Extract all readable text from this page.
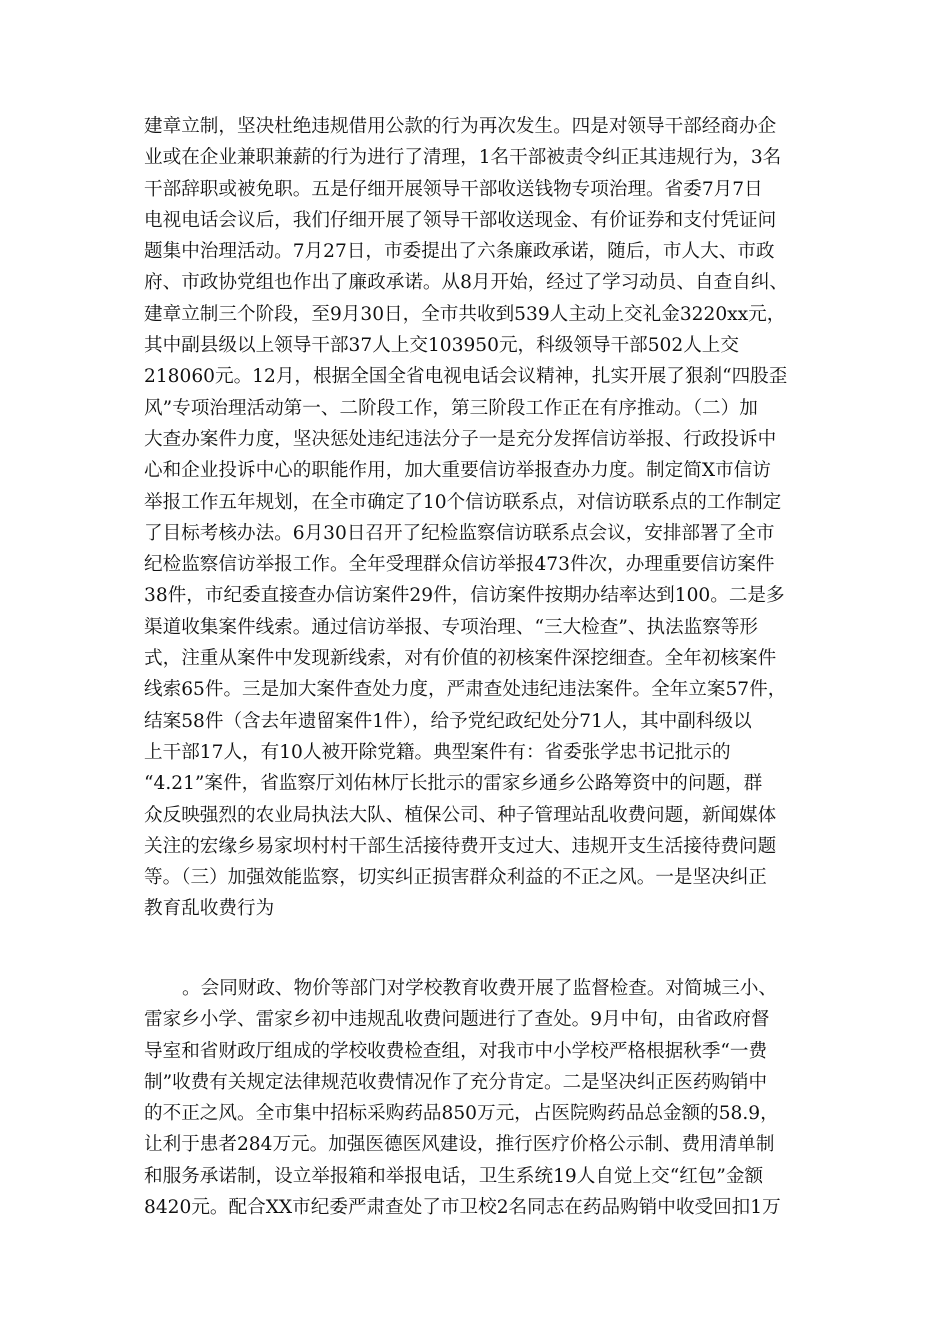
建章立制，坚决杜绝违规借用公款的行为再次发生。四是对领导干部经商办企
业或在企业兼职兼薪的行为进行了清理，1名干部被责令纠正其违规行为，3名
干部辞职或被免职。五是仔细开展领导干部收送钱物专项治理。省委7月7日
电视电话会议后，我们仔细开展了领导干部收送现金、有价证券和支付凭证问
题集中治理活动。7月27日，市委提出了六条廉政承诺，随后，市人大、市政
府、市政协党组也作出了廉政承诺。从8月开始，经过了学习动员、自查自纠、
建章立制三个阶段，至9月30日，全市共收到539人主动上交礼金3220xx元，
其中副县级以上领导干部37人上交103950元，科级领导干部502人上交
218060元。12月，根据全国全省电视电话会议精神，扎实开展了狠刹“四股歪
风”专项治理活动第一、二阶段工作，第三阶段工作正在有序推动。（二）加
大查办案件力度，坚决惩处违纪违法分子一是充分发挥信访举报、行政投诉中
心和企业投诉中心的职能作用，加大重要信访举报查办力度。制定简X市信访
举报工作五年规划，在全市确定了10个信访联系点，对信访联系点的工作制定
了目标考核办法。6月30日召开了纪检监察信访联系点会议，安排部署了全市
纪检监察信访举报工作。全年受理群众信访举报473件次，办理重要信访案件
38件，市纪委直接查办信访案件29件，信访案件按期办结率达到100。二是多
渠道收集案件线索。通过信访举报、专项治理、“三大检查”、执法监察等形
式，注重从案件中发现新线索，对有价值的初核案件深挖细查。全年初核案件
线索65件。三是加大案件查处力度，严肃查处违纪违法案件。全年立案57件，
结案58件（含去年遗留案件1件），给予党纪政纪处分71人，其中副科级以
上干部17人，有10人被开除党籍。典型案件有：省委张学忠书记批示的
“4.21”案件，省监察厅刘佑林厅长批示的雷家乡通乡公路筹资中的问题，群
众反映强烈的农业局执法大队、植保公司、种子管理站乱收费问题，新闻媒体
关注的宏缘乡易家坝村村干部生活接待费开支过大、违规开支生活接待费问题
等。（三）加强效能监察，切实纠正损害群众利益的不正之风。一是坚决纠正
教育乱收费行为
。会同财政、物价等部门对学校教育收费开展了监督检查。对简城三小、
雷家乡小学、雷家乡初中违规乱收费问题进行了查处。9月中旬，由省政府督
导室和省财政厅组成的学校收费检查组，对我市中小学校严格根据秋季“一费
制”收费有关规定法律规范收费情况作了充分肯定。二是坚决纠正医药购销中
的不正之风。全市集中招标采购药品850万元，占医院购药品总金额的58.9，
让利于患者284万元。加强医德医风建设，推行医疗价格公示制、费用清单制
和服务承诺制，设立举报箱和举报电话，卫生系统19人自觉上交“红包”金额
8420元。配合XX市纪委严肃查处了市卫校2名同志在药品购销中收受回扣1万
